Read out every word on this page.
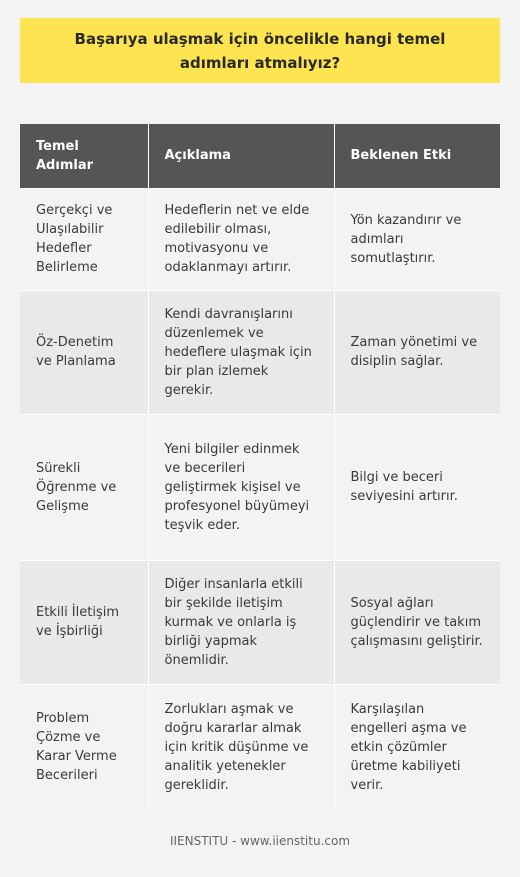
Başarıya ulaşmak için öncelikle hangi temel adımları atmalıyız?
Temel Adımlar	Açıklama	Beklenen Etki
Gerçekçi ve Ulaşılabilir Hedefler Belirleme	Hedeflerin net ve elde edilebilir olması, motivasyonu ve odaklanmayı artırır.	Yön kazandırır ve adımları somutlaştırır.
Öz-Denetim ve Planlama	Kendi davranışlarını düzenlemek ve hedeflere ulaşmak için bir plan izlemek gerekir.	Zaman yönetimi ve disiplin sağlar.
Sürekli Öğrenme ve Gelişme	Yeni bilgiler edinmek ve becerileri geliştirmek kişisel ve profesyonel büyümeyi teşvik eder.	Bilgi ve beceri seviyesini artırır.
Etkili İletişim ve İşbirliği	Diğer insanlarla etkili bir şekilde iletişim kurmak ve onlarla iş birliği yapmak önemlidir.	Sosyal ağları güçlendirir ve takım çalışmasını geliştirir.
Problem Çözme ve Karar Verme Becerileri	Zorlukları aşmak ve doğru kararlar almak için kritik düşünme ve analitik yetenekler gereklidir.	Karşılaşılan engelleri aşma ve etkin çözümler üretme kabiliyeti verir.
IIENSTITU - www.iienstitu.com
